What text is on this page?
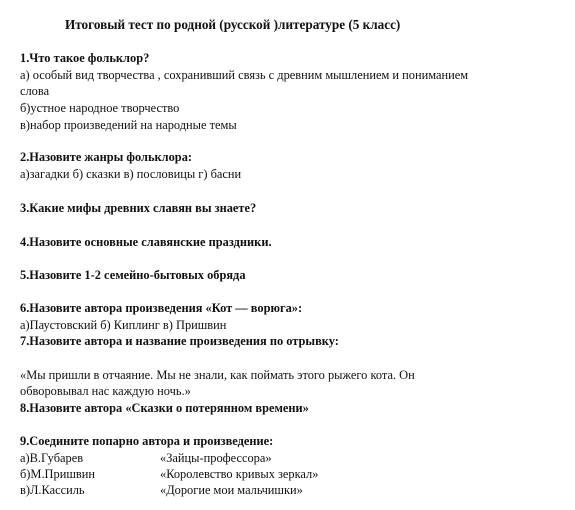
Итоговый тест по родной (русской )литературе (5 класс)
1.Что такое фольклор?
а) особый вид творчества , сохранивший связь с древним мышлением и пониманием
слова
б)устное народное творчество
в)набор произведений на народные темы
2.Назовите жанры фольклора:
а)загадки б) сказки в) пословицы г) басни
3.Какие мифы древних славян вы знаете?
4.Назовите основные славянские праздники.
5.Назовите 1-2 семейно-бытовых обряда
6.Назовите автора произведения «Кот — ворюга»:
а)Паустовский б) Киплинг в) Пришвин
7.Назовите автора и название произведения по отрывку:
«Мы пришли в отчаяние. Мы не знали, как поймать этого рыжего кота. Он
обворовывал нас каждую ночь.»
8.Назовите автора «Сказки о потерянном времени»
9.Соедините попарно автора и произведение:
а)В.Губарев	«Зайцы-профессора»
б)М.Пришвин	«Королевство кривых зеркал»
в)Л.Кассиль	«Дорогие мои мальчишки»
